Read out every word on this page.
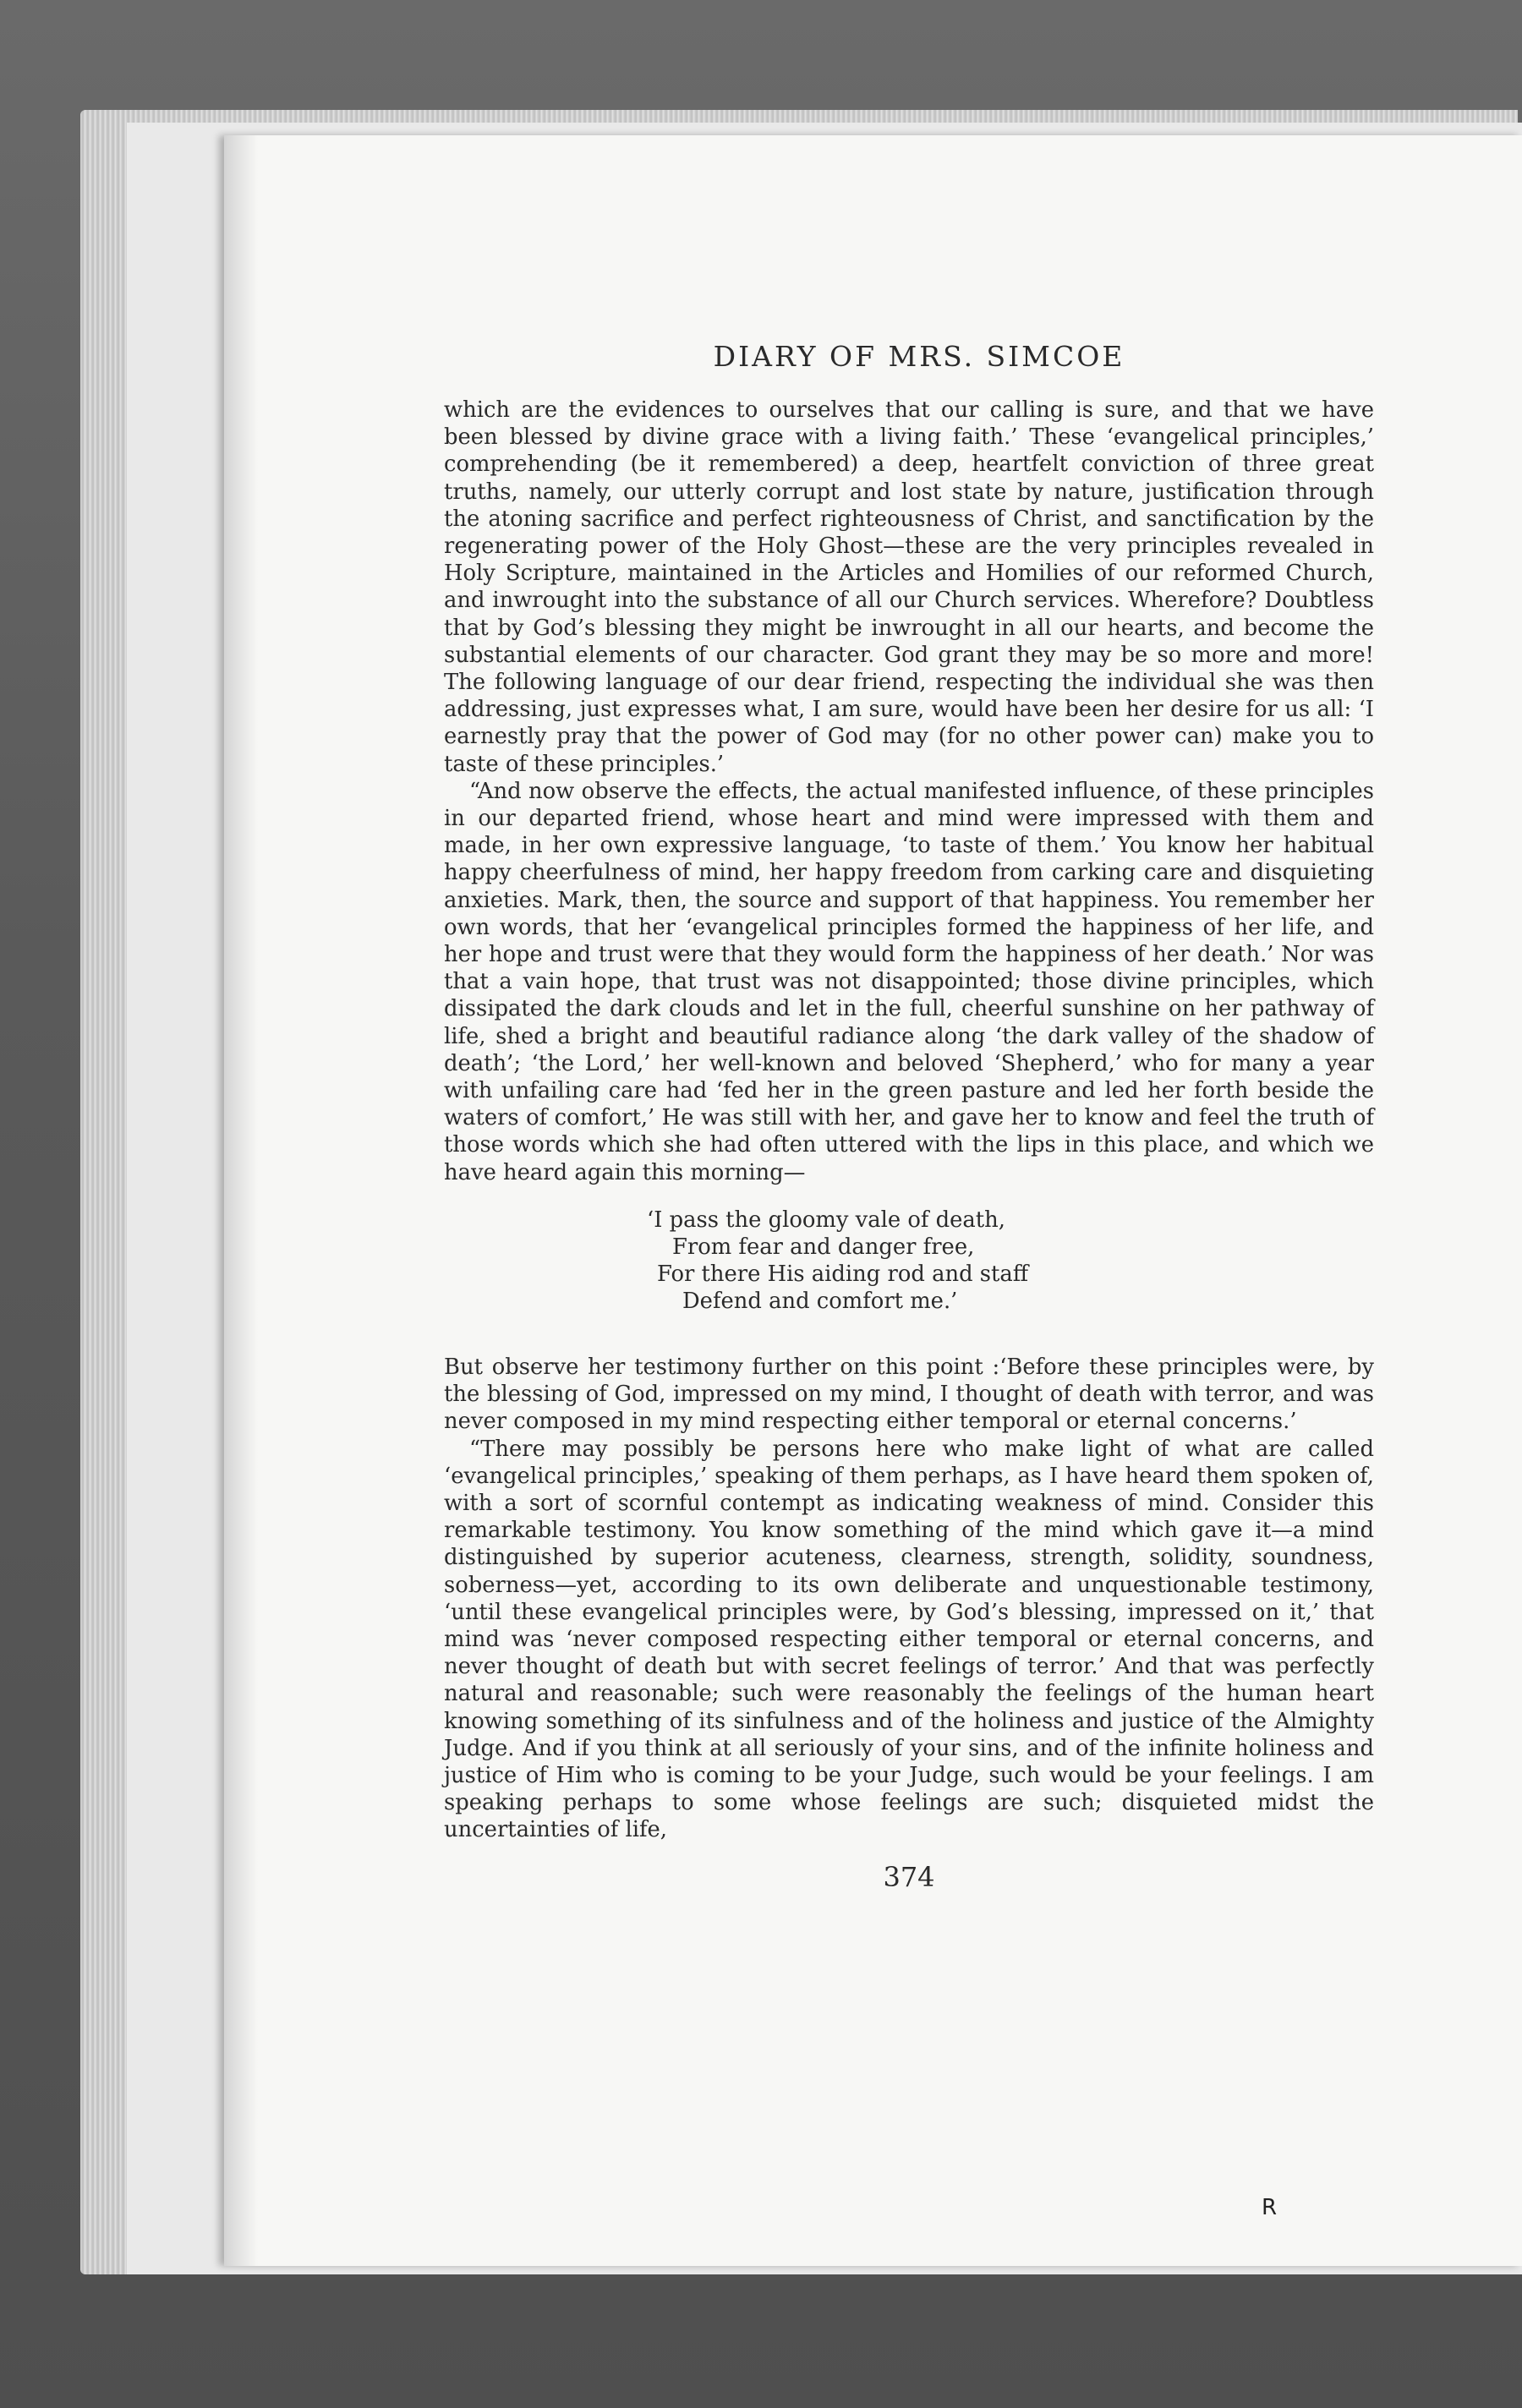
DIARY OF MRS. SIMCOE

which are the evidences to ourselves that our calling is sure, and that we have been blessed by divine grace with a living faith.’ These ‘evangelical principles,’ comprehending (be it remembered) a deep, heartfelt conviction of three great truths, namely, our utterly corrupt and lost state by nature, justification through the atoning sacrifice and perfect righteousness of Christ, and sanctification by the regenerating power of the Holy Ghost—these are the very principles revealed in Holy Scripture, maintained in the Articles and Homilies of our reformed Church, and inwrought into the substance of all our Church services. Wherefore? Doubtless that by God’s blessing they might be inwrought in all our hearts, and become the substantial elements of our character. God grant they may be so more and more! The following language of our dear friend, respecting the individual she was then addressing, just expresses what, I am sure, would have been her desire for us all: ‘I earnestly pray that the power of God may (for no other power can) make you to taste of these principles.’

“And now observe the effects, the actual manifested influence, of these principles in our departed friend, whose heart and mind were impressed with them and made, in her own expressive language, ‘to taste of them.’ You know her habitual happy cheerfulness of mind, her happy freedom from carking care and disquieting anxieties. Mark, then, the source and support of that happiness. You remember her own words, that her ‘evangelical principles formed the happiness of her life, and her hope and trust were that they would form the happiness of her death.’ Nor was that a vain hope, that trust was not disappointed; those divine principles, which dissipated the dark clouds and let in the full, cheerful sunshine on her pathway of life, shed a bright and beautiful radiance along ‘the dark valley of the shadow of death’; ‘the Lord,’ her well-known and beloved ‘Shepherd,’ who for many a year with unfailing care had ‘fed her in the green pasture and led her forth beside the waters of comfort,’ He was still with her, and gave her to know and feel the truth of those words which she had often uttered with the lips in this place, and which we have heard again this morning—

‘I pass the gloomy vale of death,
From fear and danger free,
For there His aiding rod and staff
Defend and comfort me.’

But observe her testimony further on this point :‘Before these principles were, by the blessing of God, impressed on my mind, I thought of death with terror, and was never composed in my mind respecting either temporal or eternal concerns.’

“There may possibly be persons here who make light of what are called ‘evangelical principles,’ speaking of them perhaps, as I have heard them spoken of, with a sort of scornful contempt as indicating weakness of mind. Consider this remarkable testimony. You know something of the mind which gave it—a mind distinguished by superior acuteness, clearness, strength, solidity, soundness, soberness—yet, according to its own deliberate and unquestionable testimony, ‘until these evangelical principles were, by God’s blessing, impressed on it,’ that mind was ‘never composed respecting either temporal or eternal concerns, and never thought of death but with secret feelings of terror.’ And that was perfectly natural and reasonable; such were reasonably the feelings of the human heart knowing something of its sinfulness and of the holiness and justice of the Almighty Judge. And if you think at all seriously of your sins, and of the infinite holiness and justice of Him who is coming to be your Judge, such would be your feelings. I am speaking perhaps to some whose feelings are such; disquieted midst the uncertainties of life,

374
R
